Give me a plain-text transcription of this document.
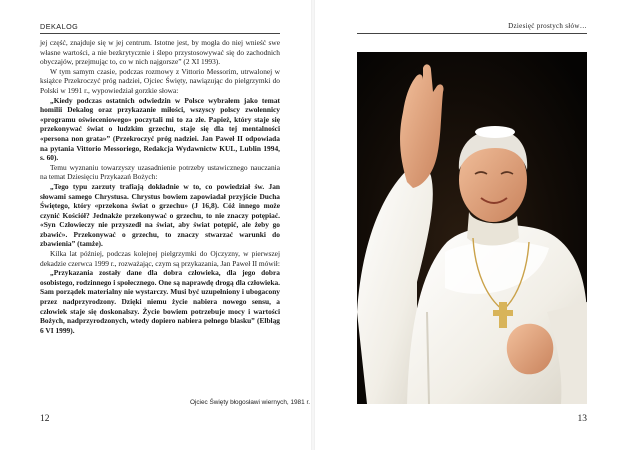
DEKALOG

jej część, znajduje się w jej centrum. Istotne jest, by mogła do niej wnieść swe własne wartości, a nie bezkrytycznie i ślepo przystosowywać się do zachodnich obyczajów, przejmując to, co w nich najgorsze” (2 XI 1993).

W tym samym czasie, podczas rozmowy z Vittorio Messorim, utrwalonej w książce Przekroczyć próg nadziei, Ojciec Święty, nawiązując do pielgrzymki do Polski w 1991 r., wypowiedział gorzkie słowa:

„Kiedy podczas ostatnich odwiedzin w Polsce wybrałem jako temat homilii Dekalog oraz przykazanie miłości, wszyscy polscy zwolennicy «programu oświeceniowego» poczytali mi to za złe. Papież, który staje się przekonywać świat o ludzkim grzechu, staje się dla tej mentalności «persona non grata»” (Przekroczyć próg nadziei. Jan Paweł II odpowiada na pytania Vittorio Messoriego, Redakcja Wydawnictw KUL, Lublin 1994, s. 60).

Temu wyznaniu towarzyszy uzasadnienie potrzeby ustawicznego nauczania na temat Dziesięciu Przykazań Bożych:

„Tego typu zarzuty trafiają dokładnie w to, co powiedział św. Jan słowami samego Chrystusa. Chrystus bowiem zapowiadał przyjście Ducha Świętego, który «przekona świat o grzechu» (J 16,8). Cóż innego może czynić Kościół? Jednakże przekonywać o grzechu, to nie znaczy potępiać. «Syn Człowieczy nie przyszedł na świat, aby świat potępić, ale żeby go zbawić». Przekonywać o grzechu, to znaczy stwarzać warunki do zbawienia” (tamże).

Kilka lat później, podczas kolejnej pielgrzymki do Ojczyzny, w pierwszej dekadzie czerwca 1999 r., rozważając, czym są przykazania, Jan Paweł II mówił:

„Przykazania zostały dane dla dobra człowieka, dla jego dobra osobistego, rodzinnego i społecznego. One są naprawdę drogą dla człowieka. Sam porządek materialny nie wystarczy. Musi być uzupełniony i ubogacony przez nadprzyrodzony. Dzięki niemu życie nabiera nowego sensu, a człowiek staje się doskonalszy. Życie bowiem potrzebuje mocy i wartości Bożych, nadprzyrodzonych, wtedy dopiero nabiera pełnego blasku” (Elbląg 6 VI 1999).

Ojciec Święty błogosławi wiernych, 1981 r.
12
Dziesięć prostych słów…
13
